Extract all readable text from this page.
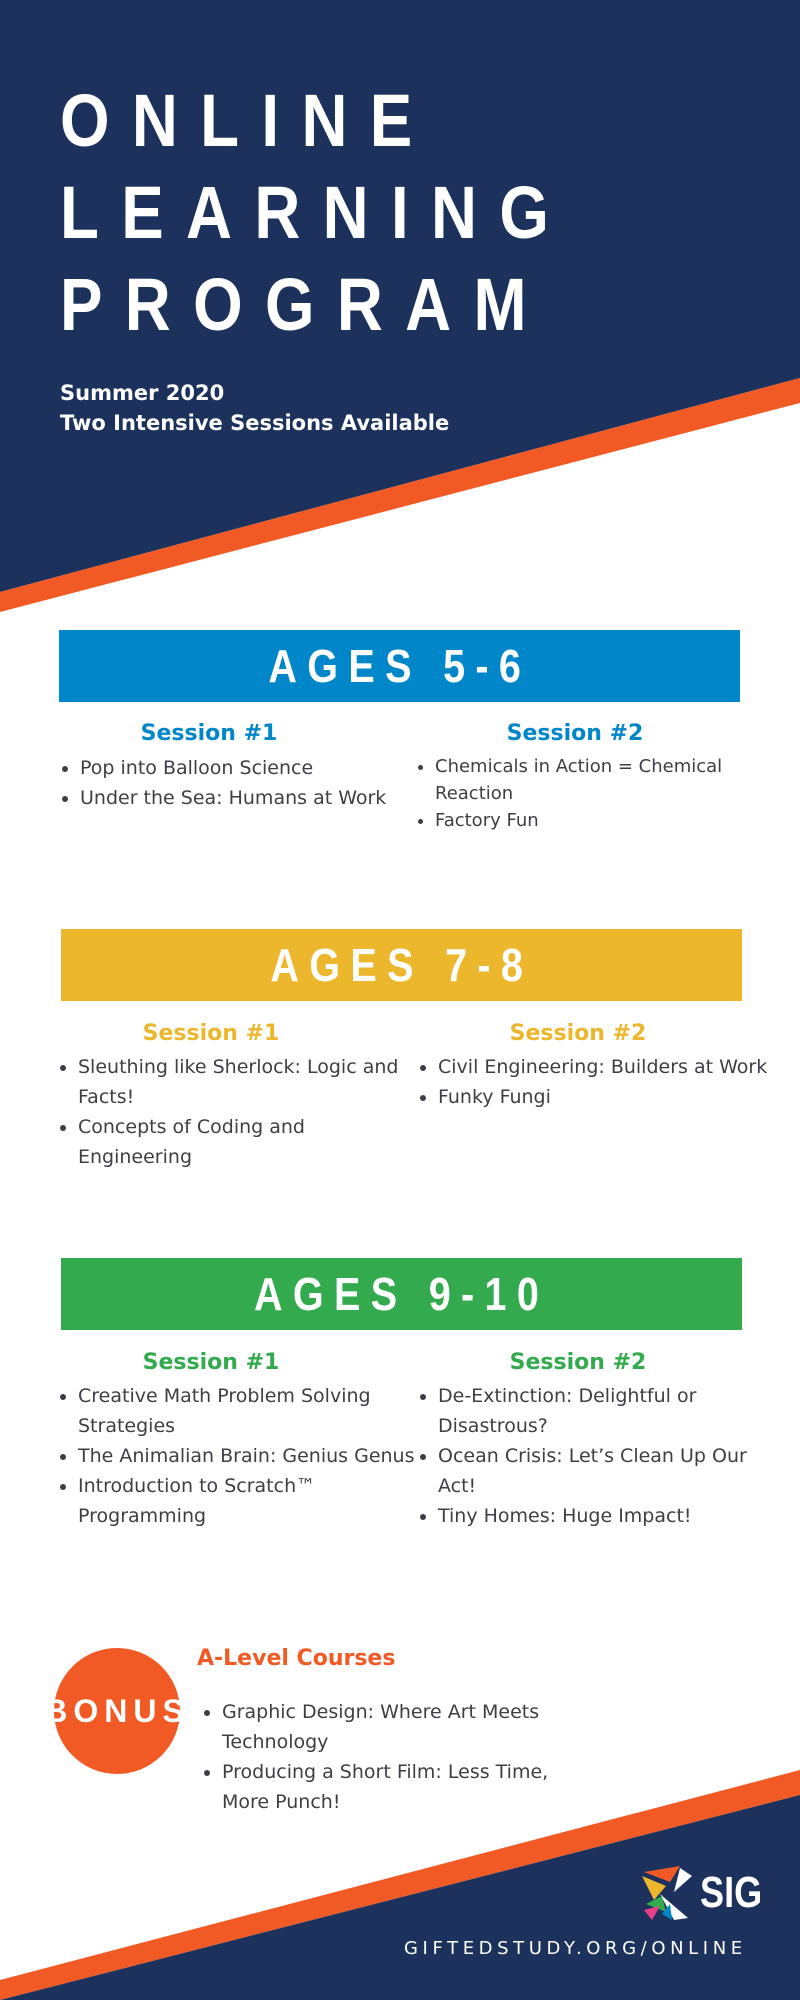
ONLINE
LEARNING
PROGRAM
Summer 2020
Two Intensive Sessions Available
AGES 5-6
Session #1	Session #2
• Pop into Balloon Science
• Under the Sea: Humans at Work
• Chemicals in Action = Chemical Reaction
• Factory Fun
AGES 7-8
Session #1	Session #2
• Sleuthing like Sherlock: Logic and Facts!
• Concepts of Coding and Engineering
• Civil Engineering: Builders at Work
• Funky Fungi
AGES 9-10
Session #1	Session #2
• Creative Math Problem Solving Strategies
• The Animalian Brain: Genius Genus
• Introduction to Scratch™ Programming
• De-Extinction: Delightful or Disastrous?
• Ocean Crisis: Let’s Clean Up Our Act!
• Tiny Homes: Huge Impact!
BONUS
A-Level Courses
• Graphic Design: Where Art Meets Technology
• Producing a Short Film: Less Time, More Punch!
SIG
GIFTEDSTUDY.ORG/ONLINE
